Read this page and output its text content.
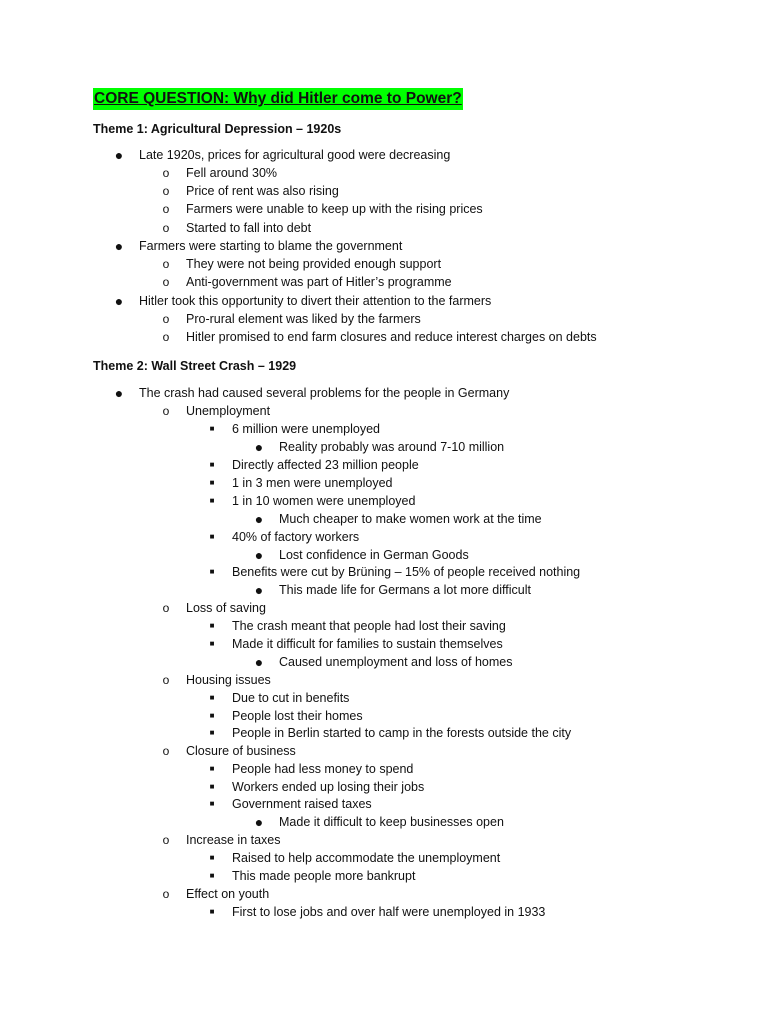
CORE QUESTION: Why did Hitler come to Power?
Theme 1: Agricultural Depression – 1920s
● Late 1920s, prices for agricultural good were decreasing
o Fell around 30%
o Price of rent was also rising
o Farmers were unable to keep up with the rising prices
o Started to fall into debt
● Farmers were starting to blame the government
o They were not being provided enough support
o Anti-government was part of Hitler’s programme
● Hitler took this opportunity to divert their attention to the farmers
o Pro-rural element was liked by the farmers
o Hitler promised to end farm closures and reduce interest charges on debts
Theme 2: Wall Street Crash – 1929
● The crash had caused several problems for the people in Germany
o Unemployment
■	6 million were unemployed
● Reality probably was around 7-10 million
■	Directly affected 23 million people
■	1 in 3 men were unemployed
■	1 in 10 women were unemployed
● Much cheaper to make women work at the time
■	40% of factory workers
● Lost confidence in German Goods
■	Benefits were cut by Brüning – 15% of people received nothing
● This made life for Germans a lot more difficult
o Loss of saving
■	The crash meant that people had lost their saving
■	Made it difficult for families to sustain themselves
● Caused unemployment and loss of homes
o Housing issues
■	Due to cut in benefits
■	People lost their homes
■	People in Berlin started to camp in the forests outside the city
o Closure of business
■	People had less money to spend
■	Workers ended up losing their jobs
■	Government raised taxes
● Made it difficult to keep businesses open
o Increase in taxes
■	Raised to help accommodate the unemployment
■	This made people more bankrupt
o Effect on youth
■	First to lose jobs and over half were unemployed in 1933
